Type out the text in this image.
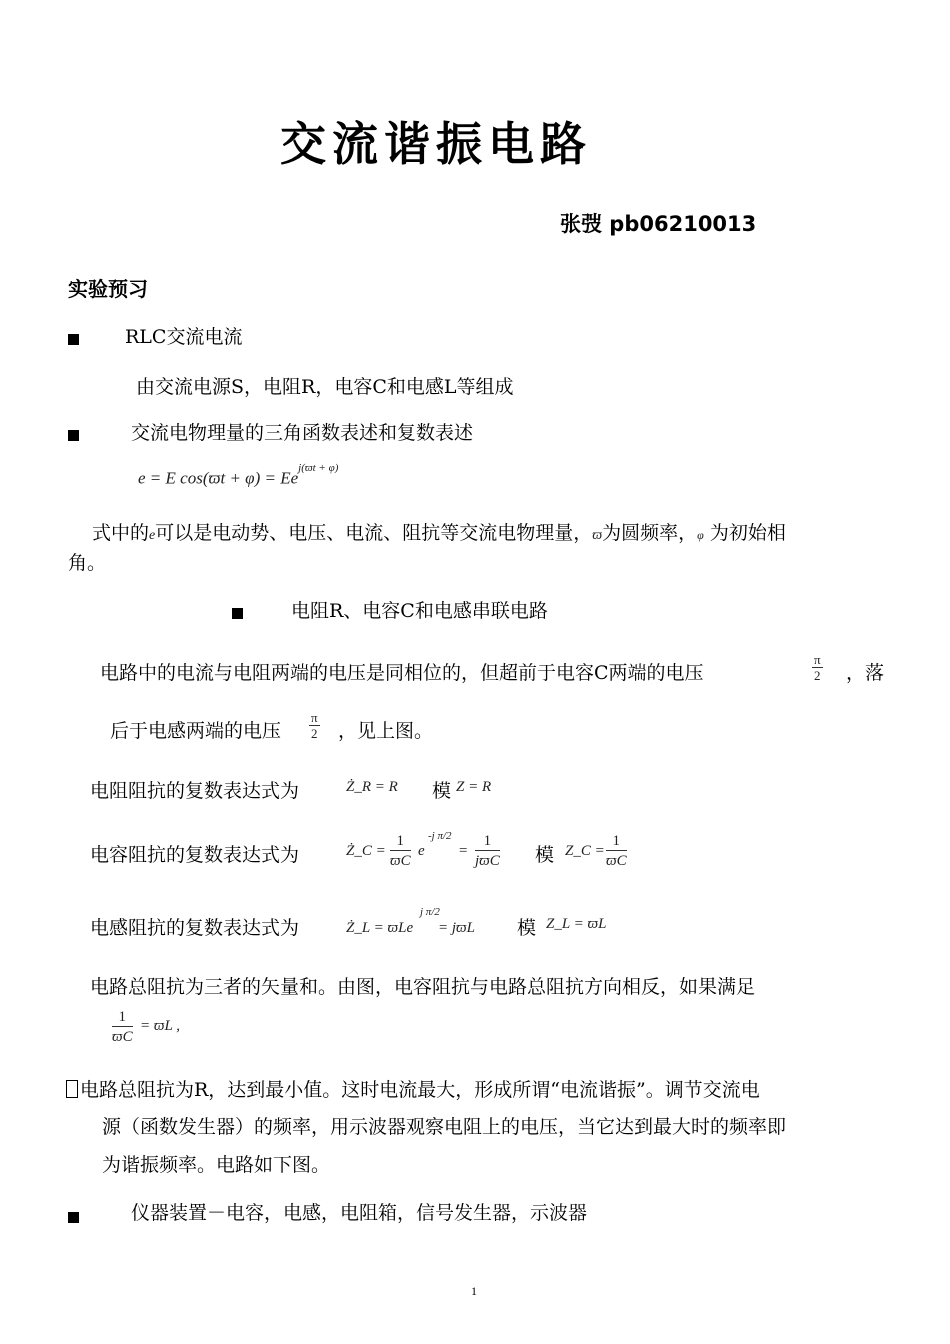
交流谐振电路
张弢 pb06210013
实验预习
RLC交流电流
由交流电源S，电阻R，电容C和电感L等组成
交流电物理量的三角函数表述和复数表述
e = E $\cos(ϖt + \varphi) = Ee^{j(ϖt + \varphi)}$
式中的e可以是电动势、电压、电流、阻抗等交流电物理量，ϖ为圆频率，φ 为初始相
角。
电阻R、电容C和电感串联电路
电路中的电流与电阻两端的电压是同相位的，但超前于电容C两端的电压	$\frac{\pi}{2}$ ，落
后于电感两端的电压 $\frac{\pi}{2}$ ，见上图。
电阻阻抗的复数表达式为	Ż_R = R 模 Z = R
电容阻抗的复数表达式为	Ż_C = $\frac{1}{ϖC}$ e
-j π/2
=
1
jϖC 模 Z_C = $\frac{1}{ϖC}$
电感阻抗的复数表达式为	Ż_L = ϖLe
j π/2
= jϖL 模 Z_L = ϖL
电路总阻抗为三者的矢量和。由图，电容阻抗与电路总阻抗方向相反，如果满足
$\frac{1}{ϖC} = ϖL$ ,
电路总阻抗为R，达到最小值。这时电流最大，形成所谓“电流谐振”。调节交流电
源（函数发生器）的频率，用示波器观察电阻上的电压，当它达到最大时的频率即
为谐振频率。电路如下图。
仪器装置－电容，电感，电阻箱，信号发生器，示波器
1
